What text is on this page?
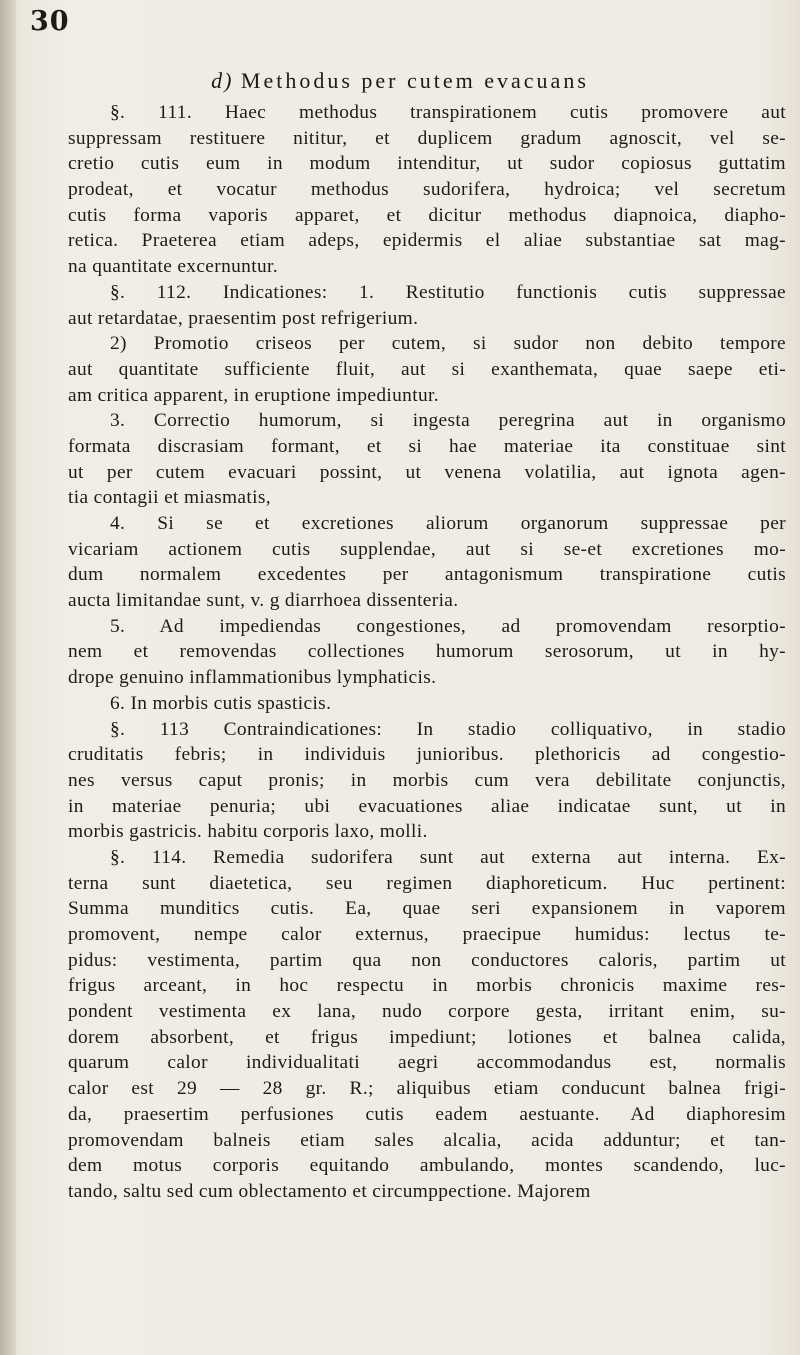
30
d) Methodus per cutem evacuans
§. 111. Haec methodus transpirationem cutis promovere aut
suppressam restituere nititur, et duplicem gradum agnoscit, vel se-
cretio cutis eum in modum intenditur, ut sudor copiosus guttatim
prodeat, et vocatur methodus sudorifera, hydroica; vel secretum
cutis forma vaporis apparet, et dicitur methodus diapnoica, diapho-
retica. Praeterea etiam adeps, epidermis el aliae substantiae sat mag-
na quantitate excernuntur.
§. 112. Indicationes: 1. Restitutio functionis cutis suppressae
aut retardatae, praesentim post refrigerium.
2) Promotio criseos per cutem, si sudor non debito tempore
aut quantitate sufficiente fluit, aut si exanthemata, quae saepe eti-
am critica apparent, in eruptione impediuntur.
3. Correctio humorum, si ingesta peregrina aut in organismo
formata discrasiam formant, et si hae materiae ita constituae sint
ut per cutem evacuari possint, ut venena volatilia, aut ignota agen-
tia contagii et miasmatis,
4. Si se et excretiones aliorum organorum suppressae per
vicariam actionem cutis supplendae, aut si se-et excretiones mo-
dum normalem excedentes per antagonismum transpiratione cutis
aucta limitandae sunt, v. g diarrhoea dissenteria.
5. Ad impediendas congestiones, ad promovendam resorptio-
nem et removendas collectiones humorum serosorum, ut in hy-
drope genuino inflammationibus lymphaticis.
6. In morbis cutis spasticis.
§. 113 Contraindicationes: In stadio colliquativo, in stadio
cruditatis febris; in individuis junioribus. plethoricis ad congestio-
nes versus caput pronis; in morbis cum vera debilitate conjunctis,
in materiae penuria; ubi evacuationes aliae indicatae sunt, ut in
morbis gastricis. habitu corporis laxo, molli.
§. 114. Remedia sudorifera sunt aut externa aut interna. Ex-
terna sunt diaetetica, seu regimen diaphoreticum. Huc pertinent:
Summa munditics cutis. Ea, quae seri expansionem in vaporem
promovent, nempe calor externus, praecipue humidus: lectus te-
pidus: vestimenta, partim qua non conductores caloris, partim ut
frigus arceant, in hoc respectu in morbis chronicis maxime res-
pondent vestimenta ex lana, nudo corpore gesta, irritant enim, su-
dorem absorbent, et frigus impediunt; lotiones et balnea calida,
quarum calor individualitati aegri accommodandus est, normalis
calor est 29 — 28 gr. R.; aliquibus etiam conducunt balnea frigi-
da, praesertim perfusiones cutis eadem aestuante. Ad diaphoresim
promovendam balneis etiam sales alcalia, acida adduntur; et tan-
dem motus corporis equitando ambulando, montes scandendo, luc-
tando, saltu sed cum oblectamento et circumppectione. Majorem
